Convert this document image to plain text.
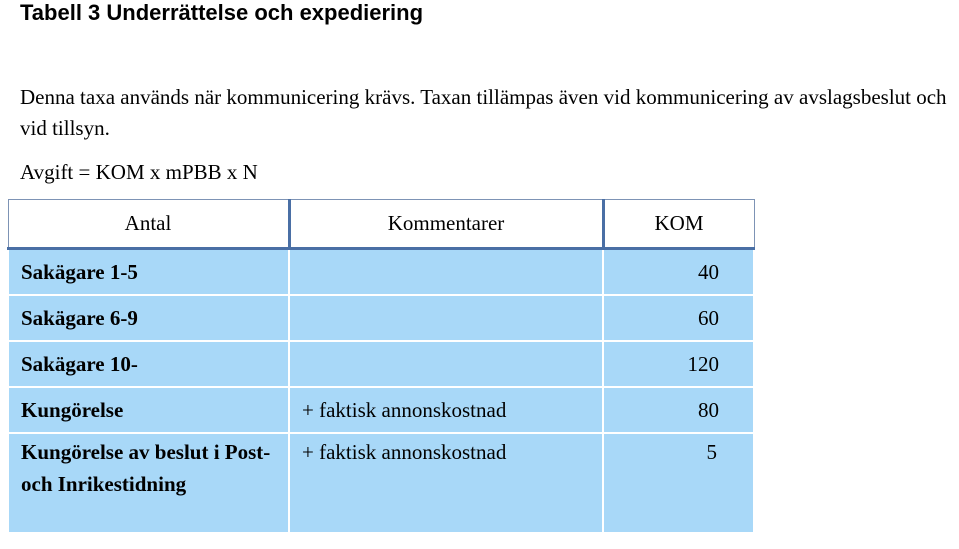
Tabell 3 Underrättelse och expediering
Denna taxa används när kommunicering krävs. Taxan tillämpas även vid kommunicering av avslagsbeslut och vid tillsyn.
Avgift = KOM x mPBB x N
Antal	Kommentarer	KOM
Sakägare 1-5		40
Sakägare 6-9		60
Sakägare 10-		120
Kungörelse	+ faktisk annonskostnad	80
Kungörelse av beslut i Post- och Inrikestidning	+ faktisk annonskostnad	5
